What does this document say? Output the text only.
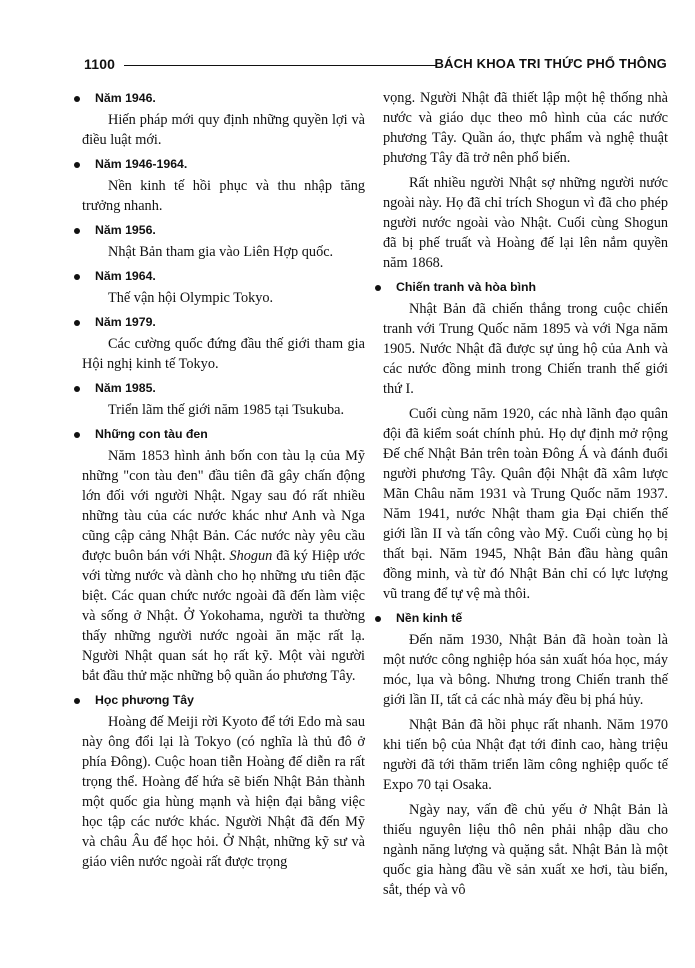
1100	BÁCH KHOA TRI THỨC PHỔ THÔNG
Năm 1946.

Hiến pháp mới quy định những quyền lợi và điều luật mới.

Năm 1946-1964.

Nền kinh tế hồi phục và thu nhập tăng trưởng nhanh.

Năm 1956.

Nhật Bản tham gia vào Liên Hợp quốc.

Năm 1964.

Thế vận hội Olympic Tokyo.

Năm 1979.

Các cường quốc đứng đầu thế giới tham gia Hội nghị kinh tế Tokyo.

Năm 1985.

Triển lãm thế giới năm 1985 tại Tsukuba.

Những con tàu đen

Năm 1853 hình ảnh bốn con tàu lạ của Mỹ những "con tàu đen" đầu tiên đã gây chấn động lớn đối với người Nhật. Ngay sau đó rất nhiều những tàu của các nước khác như Anh và Nga cũng cập cảng Nhật Bản. Các nước này yêu cầu được buôn bán với Nhật. Shogun đã ký Hiệp ước với từng nước và dành cho họ những ưu tiên đặc biệt. Các quan chức nước ngoài đã đến làm việc và sống ở Nhật. Ở Yokohama, người ta thường thấy những người nước ngoài ăn mặc rất lạ. Người Nhật quan sát họ rất kỹ. Một vài người bắt đầu thử mặc những bộ quần áo phương Tây.

Học phương Tây

Hoàng đế Meiji rời Kyoto để tới Edo mà sau này ông đổi lại là Tokyo (có nghĩa là thủ đô ở phía Đông). Cuộc hoan tiễn Hoàng đế diễn ra rất trọng thể. Hoàng đế hứa sẽ biến Nhật Bản thành một quốc gia hùng mạnh và hiện đại bằng việc học tập các nước khác. Người Nhật đã đến Mỹ và châu Âu để học hỏi. Ở Nhật, những kỹ sư và giáo viên nước ngoài rất được trọng

vọng. Người Nhật đã thiết lập một hệ thống nhà nước và giáo dục theo mô hình của các nước phương Tây. Quần áo, thực phẩm và nghệ thuật phương Tây đã trở nên phổ biến.

Rất nhiều người Nhật sợ những người nước ngoài này. Họ đã chỉ trích Shogun vì đã cho phép người nước ngoài vào Nhật. Cuối cùng Shogun đã bị phế truất và Hoàng đế lại lên nắm quyền năm 1868.

Chiến tranh và hòa bình

Nhật Bản đã chiến thắng trong cuộc chiến tranh với Trung Quốc năm 1895 và với Nga năm 1905. Nước Nhật đã được sự ủng hộ của Anh và các nước đồng minh trong Chiến tranh thế giới thứ I.

Cuối cùng năm 1920, các nhà lãnh đạo quân đội đã kiểm soát chính phủ. Họ dự định mở rộng Đế chế Nhật Bản trên toàn Đông Á và đánh đuổi người phương Tây. Quân đội Nhật đã xâm lược Mãn Châu năm 1931 và Trung Quốc năm 1937. Năm 1941, nước Nhật tham gia Đại chiến thế giới lần II và tấn công vào Mỹ. Cuối cùng họ bị thất bại. Năm 1945, Nhật Bản đầu hàng quân đồng minh, và từ đó Nhật Bản chỉ có lực lượng vũ trang để tự vệ mà thôi.

Nền kinh tế

Đến năm 1930, Nhật Bản đã hoàn toàn là một nước công nghiệp hóa sản xuất hóa học, máy móc, lụa và bông. Nhưng trong Chiến tranh thế giới lần II, tất cả các nhà máy đều bị phá hủy.

Nhật Bản đã hồi phục rất nhanh. Năm 1970 khi tiến bộ của Nhật đạt tới đỉnh cao, hàng triệu người đã tới thăm triển lãm công nghiệp quốc tế Expo 70 tại Osaka.

Ngày nay, vấn đề chủ yếu ở Nhật Bản là thiếu nguyên liệu thô nên phải nhập dầu cho ngành năng lượng và quặng sắt. Nhật Bản là một quốc gia hàng đầu về sản xuất xe hơi, tàu biển, sắt, thép và vô
